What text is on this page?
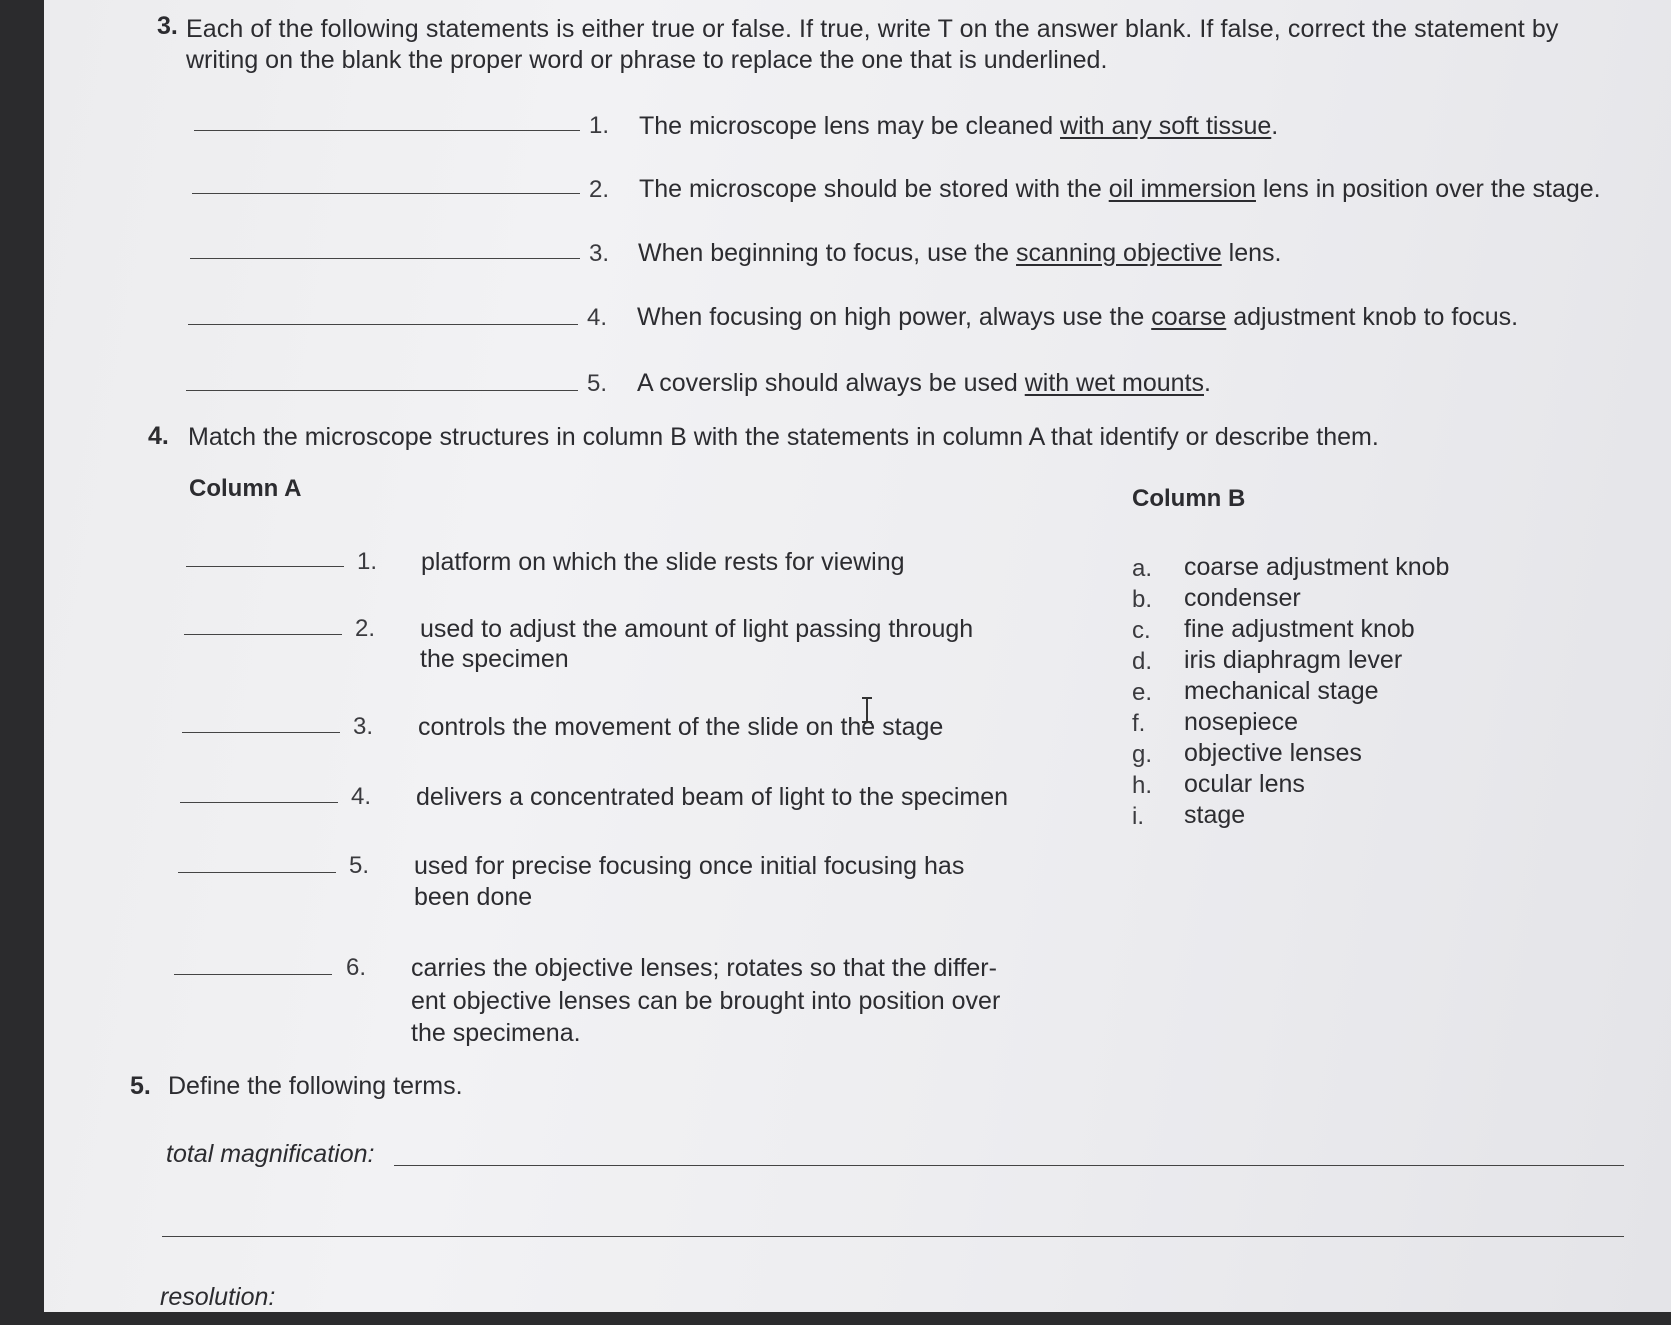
3. Each of the following statements is either true or false. If true, write T on the answer blank. If false, correct the statement by
writing on the blank the proper word or phrase to replace the one that is underlined.
1. The microscope lens may be cleaned with any soft tissue.
2. The microscope should be stored with the oil immersion lens in position over the stage.
3. When beginning to focus, use the scanning objective lens.
4. When focusing on high power, always use the coarse adjustment knob to focus.
5. A coverslip should always be used with wet mounts.
4. Match the microscope structures in column B with the statements in column A that identify or describe them.
Column A	Column B
1. platform on which the slide rests for viewing
2. used to adjust the amount of light passing through
the specimen
3. controls the movement of the slide on the stage
4. delivers a concentrated beam of light to the specimen
5. used for precise focusing once initial focusing has
been done
6. carries the objective lenses; rotates so that the differ-
ent objective lenses can be brought into position over
the specimena.
a. coarse adjustment knob
b. condenser
c. fine adjustment knob
d. iris diaphragm lever
e. mechanical stage
f. nosepiece
g. objective lenses
h. ocular lens
i. stage
5. Define the following terms.
total magnification:
resolution:
